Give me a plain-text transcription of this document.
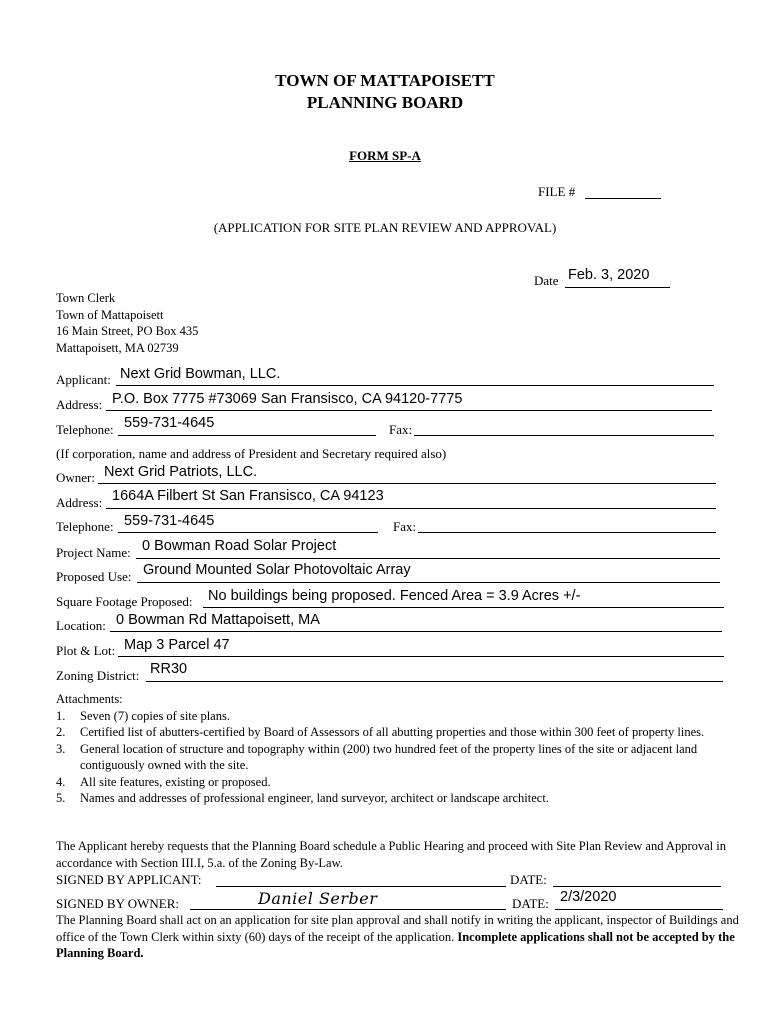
TOWN OF MATTAPOISETT
PLANNING BOARD
FORM SP-A
FILE #
(APPLICATION FOR SITE PLAN REVIEW AND APPROVAL)
Date Feb. 3, 2020
Town Clerk
Town of Mattapoisett
16 Main Street, PO Box 435
Mattapoisett, MA 02739
Applicant: Next Grid Bowman, LLC.
Address: P.O. Box 7775 #73069 San Fransisco, CA 94120-7775
Telephone: 559-731-4645	Fax:
(If corporation, name and address of President and Secretary required also)
Owner: Next Grid Patriots, LLC.
Address: 1664A Filbert St San Fransisco, CA 94123
Telephone: 559-731-4645	Fax:
Project Name: 0 Bowman Road Solar Project
Proposed Use: Ground Mounted Solar Photovoltaic Array
Square Footage Proposed: No buildings being proposed. Fenced Area = 3.9 Acres +/-
Location: 0 Bowman Rd Mattapoisett, MA
Plot & Lot: Map 3 Parcel 47
Zoning District: RR30
Attachments:
1. Seven (7) copies of site plans.
2. Certified list of abutters-certified by Board of Assessors of all abutting properties and those within 300 feet of property lines.
3. General location of structure and topography within (200) two hundred feet of the property lines of the site or adjacent land contiguously owned with the site.
4. All site features, existing or proposed.
5. Names and addresses of professional engineer, land surveyor, architect or landscape architect.
The Applicant hereby requests that the Planning Board schedule a Public Hearing and proceed with Site Plan Review and Approval in accordance with Section III.I, 5.a. of the Zoning By-Law.
SIGNED BY APPLICANT:	DATE:
SIGNED BY OWNER:	Daniel Serber	DATE: 2/3/2020
The Planning Board shall act on an application for site plan approval and shall notify in writing the applicant, inspector of Buildings and office of the Town Clerk within sixty (60) days of the receipt of the application. Incomplete applications shall not be accepted by the Planning Board.
